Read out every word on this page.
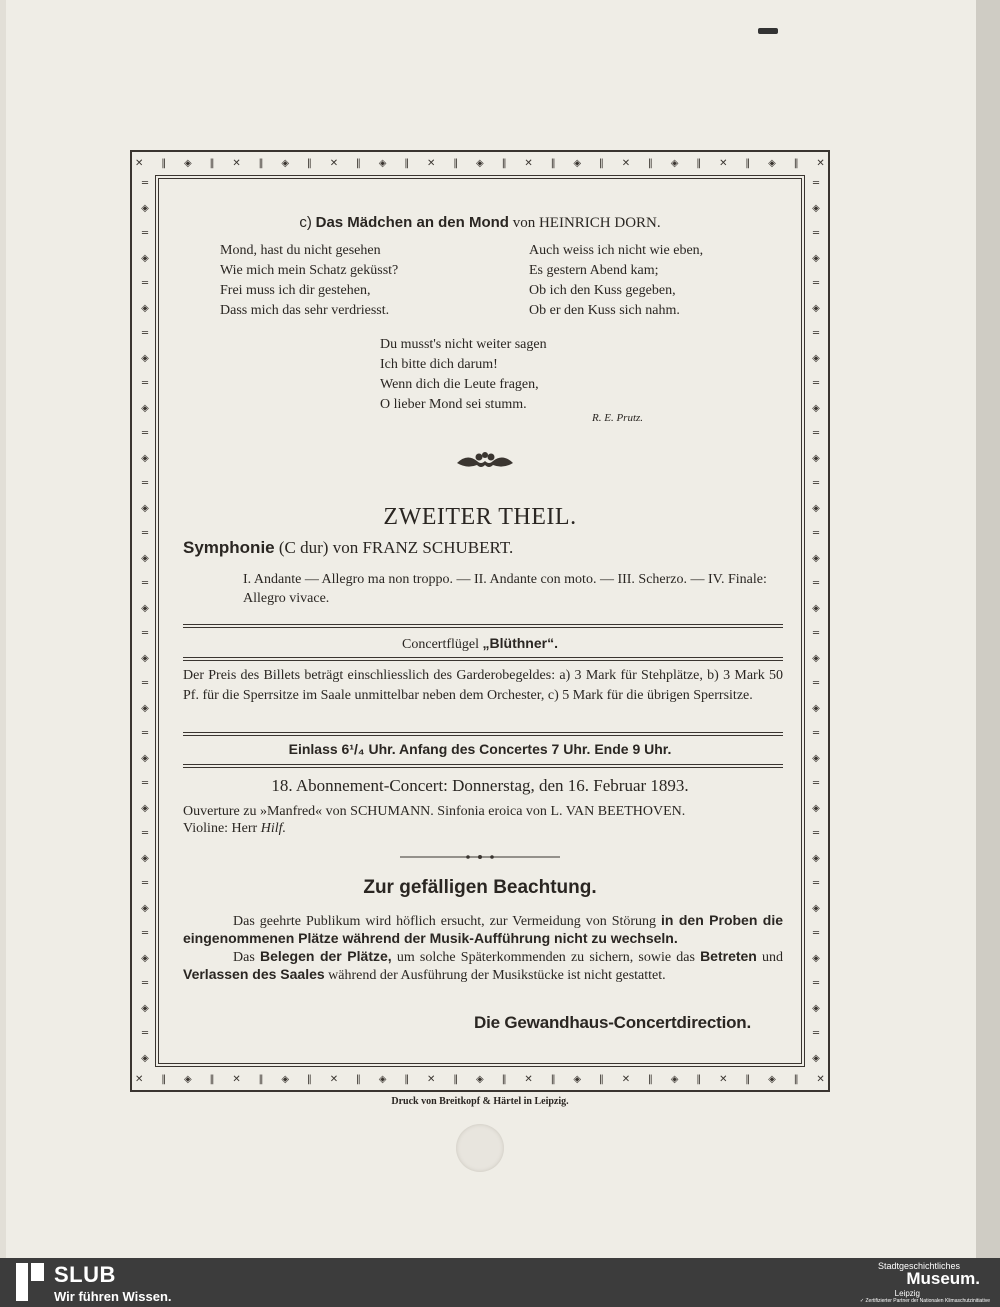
✕ ‖ ◈ ‖ ✕ ‖ ◈ ‖ ✕ ‖ ◈ ‖ ✕ ‖ ◈ ‖ ✕ ‖ ◈ ‖ ✕ ‖ ◈ ‖ ✕ ‖ ◈ ‖ ✕
✕ ‖ ◈ ‖ ✕ ‖ ◈ ‖ ✕ ‖ ◈ ‖ ✕ ‖ ◈ ‖ ✕ ‖ ◈ ‖ ✕ ‖ ◈ ‖ ✕ ‖ ◈ ‖ ✕
═
◈
═
◈
═
◈
═
◈
═
◈
═
◈
═
◈
═
◈
═
◈
═
◈
═
◈
═
◈
═
◈
═
◈
═
◈
═
◈
═
◈
═
◈
═
◈
═
◈
═
◈
═
◈
═
◈
═
◈
═
◈
═
◈
═
◈
═
◈
═
◈
═
◈
═
◈
═
◈
═
◈
═
◈
═
◈
═
◈
c) Das Mädchen an den Mond von HEINRICH DORN.
Mond, hast du nicht gesehen
Wie mich mein Schatz geküsst?
Frei muss ich dir gestehen,
Dass mich das sehr verdriesst.
Auch weiss ich nicht wie eben,
Es gestern Abend kam;
Ob ich den Kuss gegeben,
Ob er den Kuss sich nahm.
Du musst's nicht weiter sagen
Ich bitte dich darum!
Wenn dich die Leute fragen,
O lieber Mond sei stumm.
R. E. Prutz.
ZWEITER THEIL.
Symphonie (C dur) von FRANZ SCHUBERT.
I. Andante — Allegro ma non troppo. — II. Andante con moto. — III. Scherzo. — IV. Finale: Allegro vivace.
Concertflügel „Blüthner“.
Der Preis des Billets beträgt einschliesslich des Garderobegeldes: a) 3 Mark für Stehplätze, b) 3 Mark 50 Pf. für die Sperrsitze im Saale unmittelbar neben dem Orchester, c) 5 Mark für die übrigen Sperrsitze.
Einlass 6¹/₄ Uhr. Anfang des Concertes 7 Uhr. Ende 9 Uhr.
18. Abonnement-Concert: Donnerstag, den 16. Februar 1893.
Ouverture zu »Manfred« von SCHUMANN. Sinfonia eroica von L. VAN BEETHOVEN.
Violine: Herr Hilf.
Zur gefälligen Beachtung.
Das geehrte Publikum wird höflich ersucht, zur Vermeidung von Störung in den Proben die eingenommenen Plätze während der Musik-Aufführung nicht zu wechseln.
Das Belegen der Plätze, um solche Späterkommenden zu sichern, sowie das Betreten und Verlassen des Saales während der Ausführung der Musikstücke ist nicht gestattet.
Die Gewandhaus-Concertdirection.
Druck von Breitkopf & Härtel in Leipzig.
SLUB
Wir führen Wissen.
Stadtgeschichtliches
Museum.
Leipzig
✓ Zertifizierter Partner der Nationalen Klimaschutzinitiative
